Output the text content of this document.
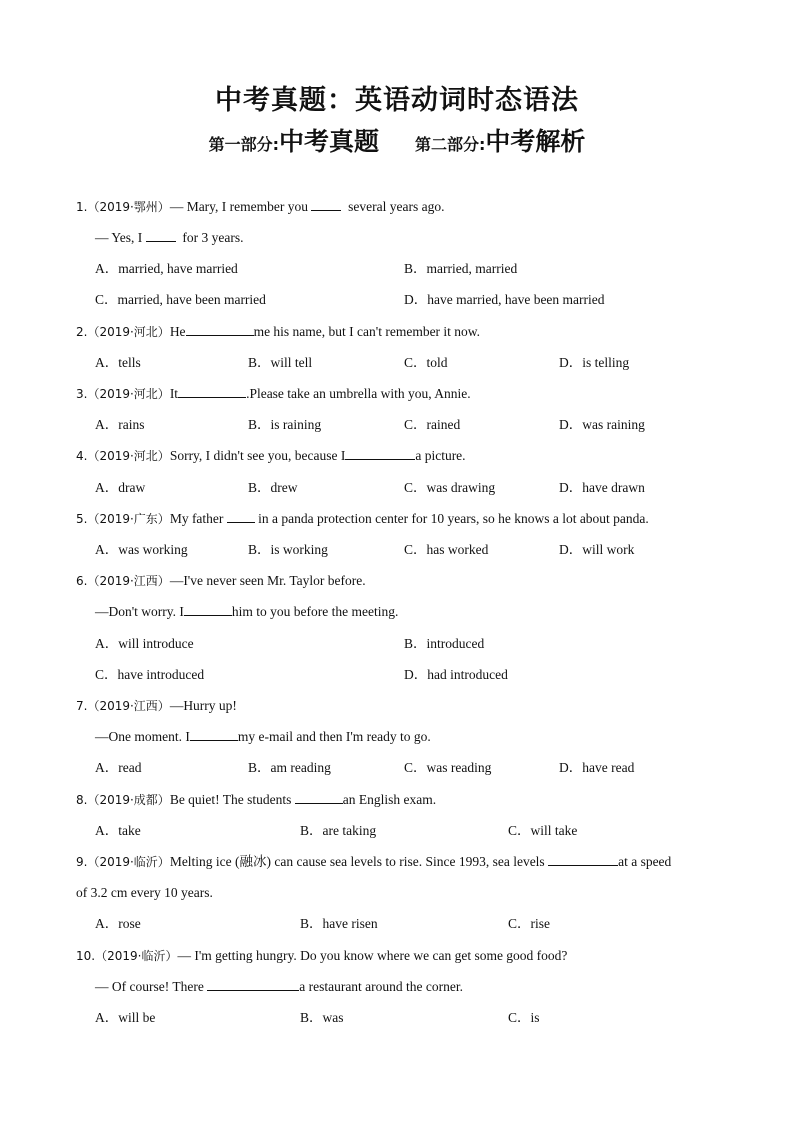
中考真题：英语动词时态语法
第一部分:中考真题 第二部分:中考解析
1.（2019·鄂州）— Mary, I remember you	several years ago.
— Yes, I	for 3 years.
A．married, have married	B．married, married
C．married, have been married	D．have married, have been married
2.（2019·河北）He	me his name, but I can't remember it now.
A．tells	B．will tell	C．told	D．is telling
3.（2019·河北）It	.Please take an umbrella with you, Annie.
A．rains	B．is raining	C．rained	D．was raining
4.（2019·河北）Sorry, I didn't see you, because I	a picture.
A．draw	B．drew	C．was drawing	D．have drawn
5.（2019·广东）My father	in a panda protection center for 10 years, so he knows a lot about panda.
A．was working	B．is working	C．has worked	D．will work
6.（2019·江西）—I've never seen Mr. Taylor before.
—Don't worry. I	him to you before the meeting.
A．will introduce	B．introduced
C．have introduced	D．had introduced
7.（2019·江西）—Hurry up!
—One moment. I	my e-mail and then I'm ready to go.
A．read	B．am reading	C．was reading	D．have read
8.（2019·成都）Be quiet! The students	an English exam.
A．take	B．are taking	C．will take
9.（2019·临沂）Melting ice (融冰) can cause sea levels to rise. Since 1993, sea levels	at a speed
of 3.2 cm every 10 years.
A．rose	B．have risen	C．rise
10.（2019·临沂）— I'm getting hungry. Do you know where we can get some good food?
— Of course! There	a restaurant around the corner.
A．will be	B．was	C．is
